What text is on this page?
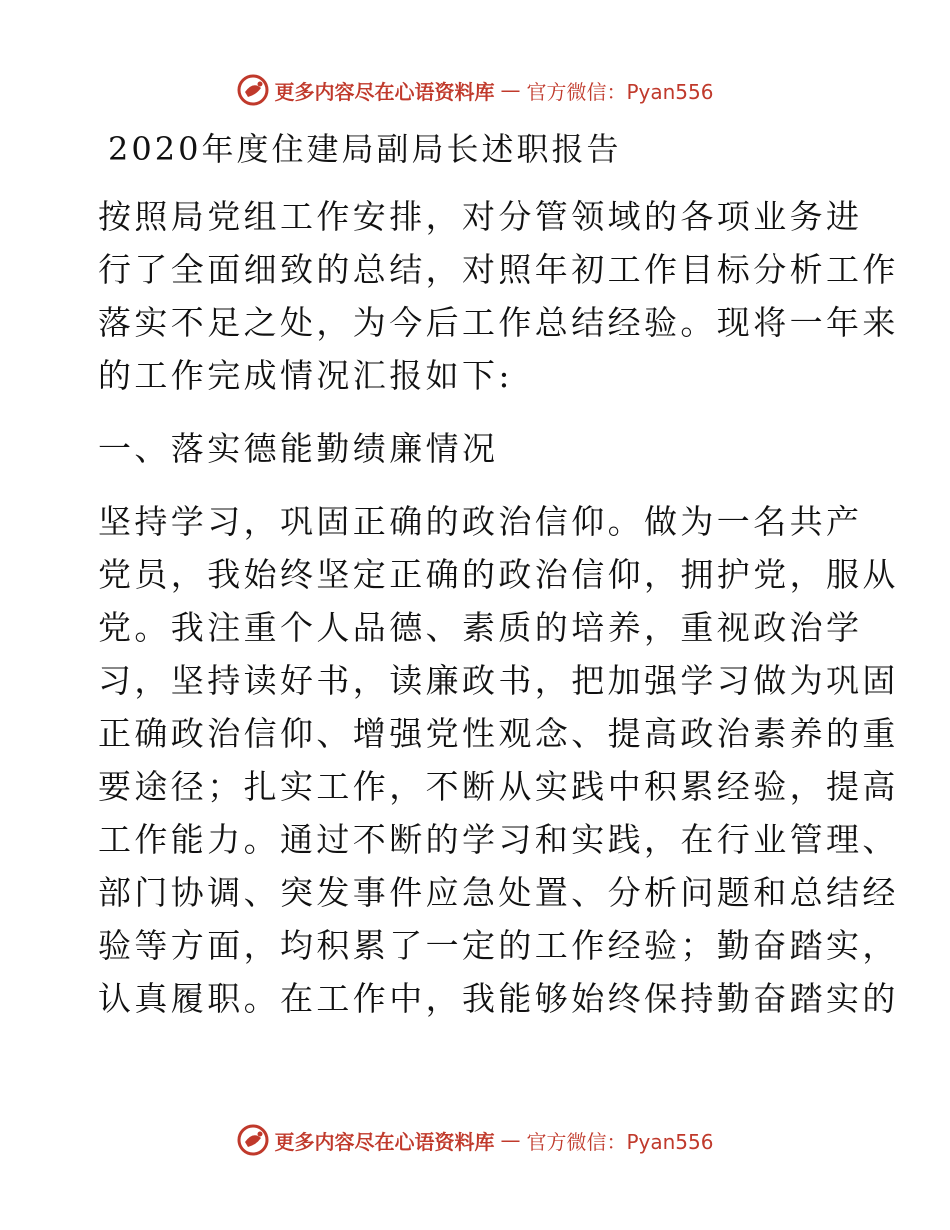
更多内容尽在心语资料库 — 官方微信：Pyan556
2020年度住建局副局长述职报告

按照局党组工作安排，对分管领域的各项业务进
行了全面细致的总结，对照年初工作目标分析工作
落实不足之处，为今后工作总结经验。现将一年来
的工作完成情况汇报如下:

一、落实德能勤绩廉情况

坚持学习，巩固正确的政治信仰。做为一名共产
党员，我始终坚定正确的政治信仰，拥护党，服从
党。我注重个人品德、素质的培养，重视政治学
习，坚持读好书，读廉政书，把加强学习做为巩固
正确政治信仰、增强党性观念、提高政治素养的重
要途径；扎实工作，不断从实践中积累经验，提高
工作能力。通过不断的学习和实践，在行业管理、
部门协调、突发事件应急处置、分析问题和总结经
验等方面，均积累了一定的工作经验；勤奋踏实，
认真履职。在工作中，我能够始终保持勤奋踏实的

更多内容尽在心语资料库 — 官方微信：Pyan556
